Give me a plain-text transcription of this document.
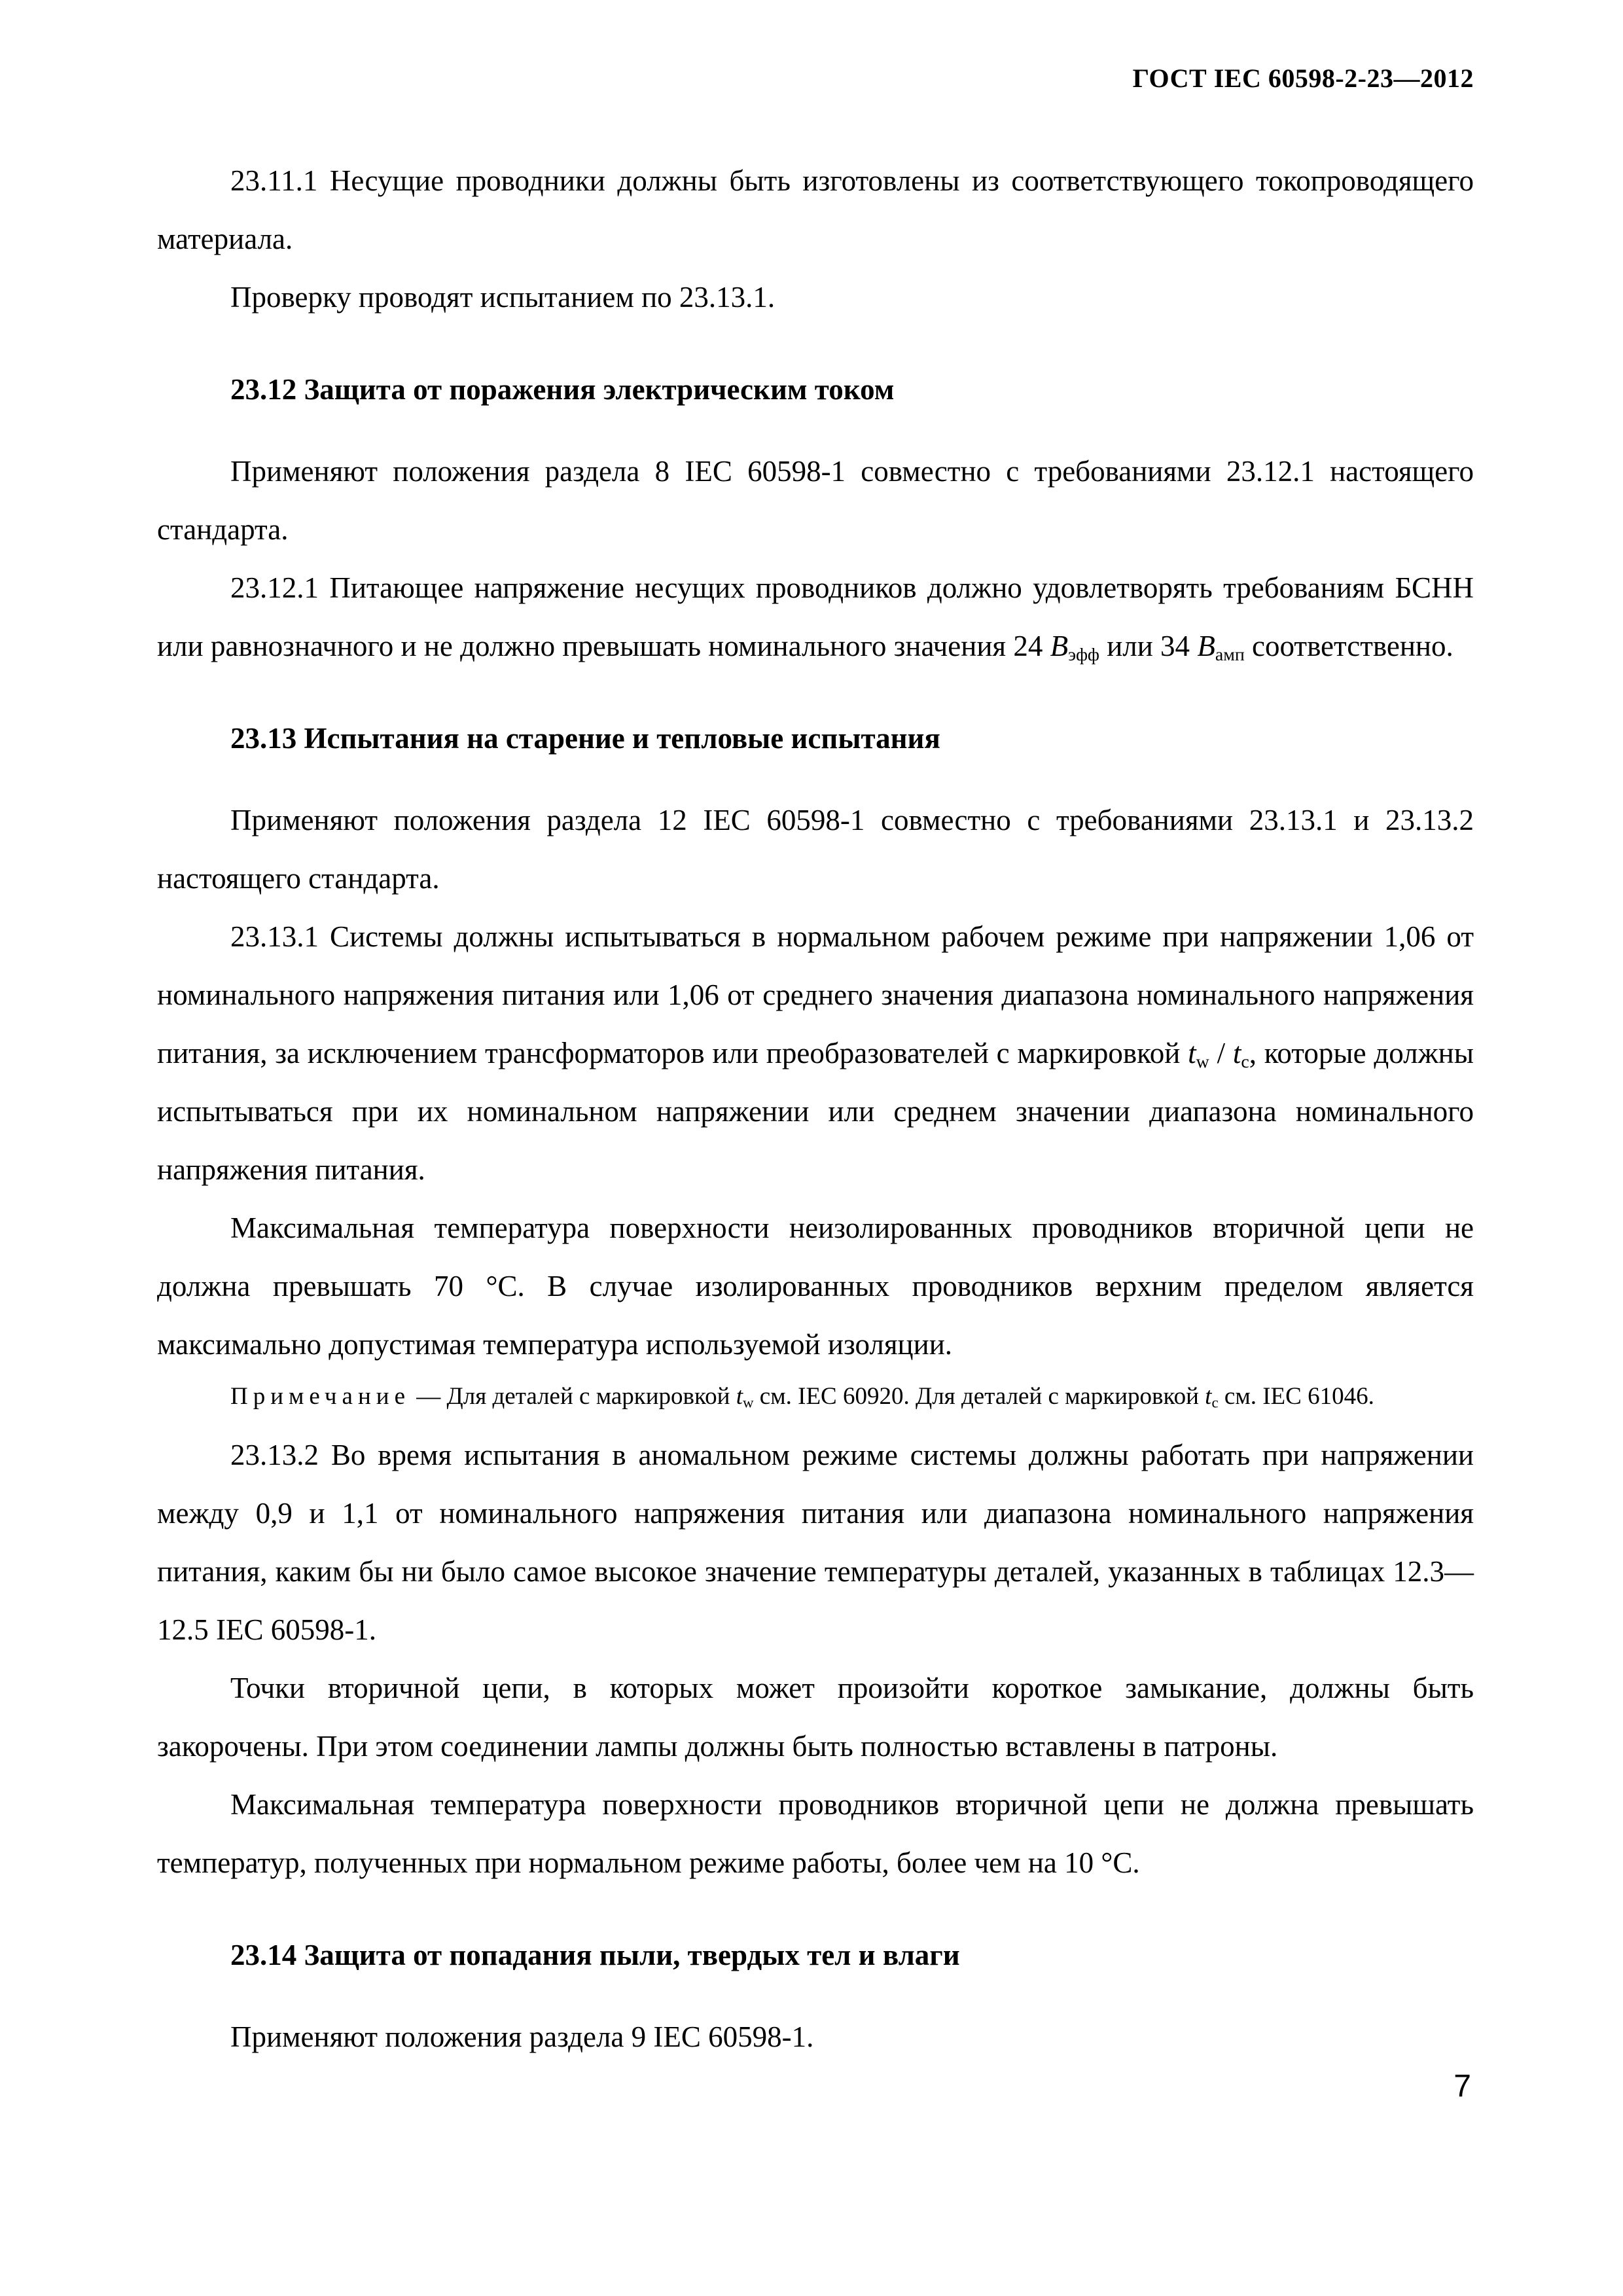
ГОСТ IEC 60598-2-23—2012

23.11.1 Несущие проводники должны быть изготовлены из соответствующего токопроводящего материала.

Проверку проводят испытанием по 23.13.1.

23.12 Защита от поражения электрическим током

Применяют положения раздела 8 IEC 60598-1 совместно с требованиями 23.12.1 настоящего стандарта.

23.12.1 Питающее напряжение несущих проводников должно удовлетворять требованиям БСНН или равнозначного и не должно превышать номинального значения 24 $В_{эфф}$ или 34 $В_{амп}$ соответственно.

23.13 Испытания на старение и тепловые испытания

Применяют положения раздела 12 IEC 60598-1 совместно с требованиями 23.13.1 и 23.13.2 настоящего стандарта.

23.13.1 Системы должны испытываться в нормальном рабочем режиме при напряжении 1,06 от номинального напряжения питания или 1,06 от среднего значения диапазона номинального напряжения питания, за исключением трансформаторов или преобразователей с маркировкой $t_w / t_c$, которые должны испытываться при их номинальном напряжении или среднем значении диапазона номинального напряжения питания.

Максимальная температура поверхности неизолированных проводников вторичной цепи не должна превышать 70 °С. В случае изолированных проводников верхним пределом является максимально допустимая температура используемой изоляции.

Примечание — Для деталей с маркировкой $t_w$ см. IEC 60920. Для деталей с маркировкой $t_c$ см. IEC 61046.

23.13.2 Во время испытания в аномальном режиме системы должны работать при напряжении между 0,9 и 1,1 от номинального напряжения питания или диапазона номинального напряжения питания, каким бы ни было самое высокое значение температуры деталей, указанных в таблицах 12.3—12.5 IEC 60598-1.

Точки вторичной цепи, в которых может произойти короткое замыкание, должны быть закорочены. При этом соединении лампы должны быть полностью вставлены в патроны.

Максимальная температура поверхности проводников вторичной цепи не должна превышать температур, полученных при нормальном режиме работы, более чем на 10 °С.

23.14 Защита от попадания пыли, твердых тел и влаги

Применяют положения раздела 9 IEC 60598-1.

7
